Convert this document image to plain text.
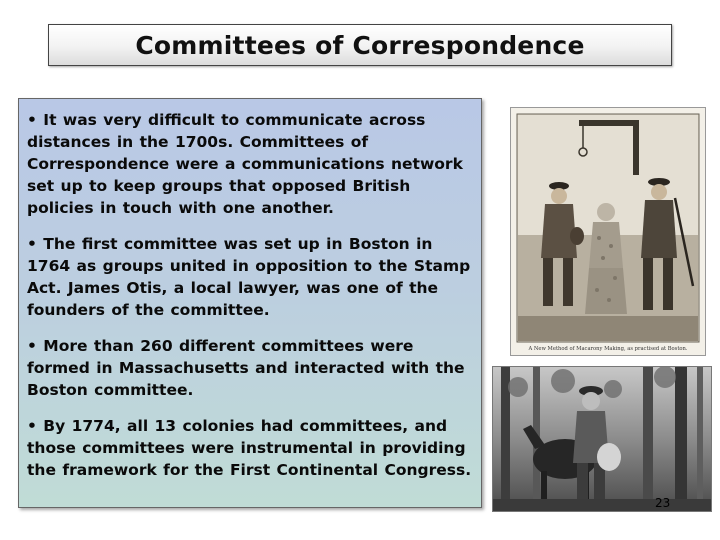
Committees of Correspondence

• It was very difficult to communicate across distances in the 1700s. Committees of Correspondence were a communications network set up to keep groups that opposed British policies in touch with one another.

• The first committee was set up in Boston in 1764 as groups united in opposition to the Stamp Act. James Otis, a local lawyer, was one of the founders of the committee.

• More than 260 different committees were formed in Massachusetts and interacted with the Boston committee.

• By 1774, all 13 colonies had committees, and those committees were instrumental in providing the framework for the First Continental Congress.

A New Method of Macarony Making, as practised at Boston.
23
